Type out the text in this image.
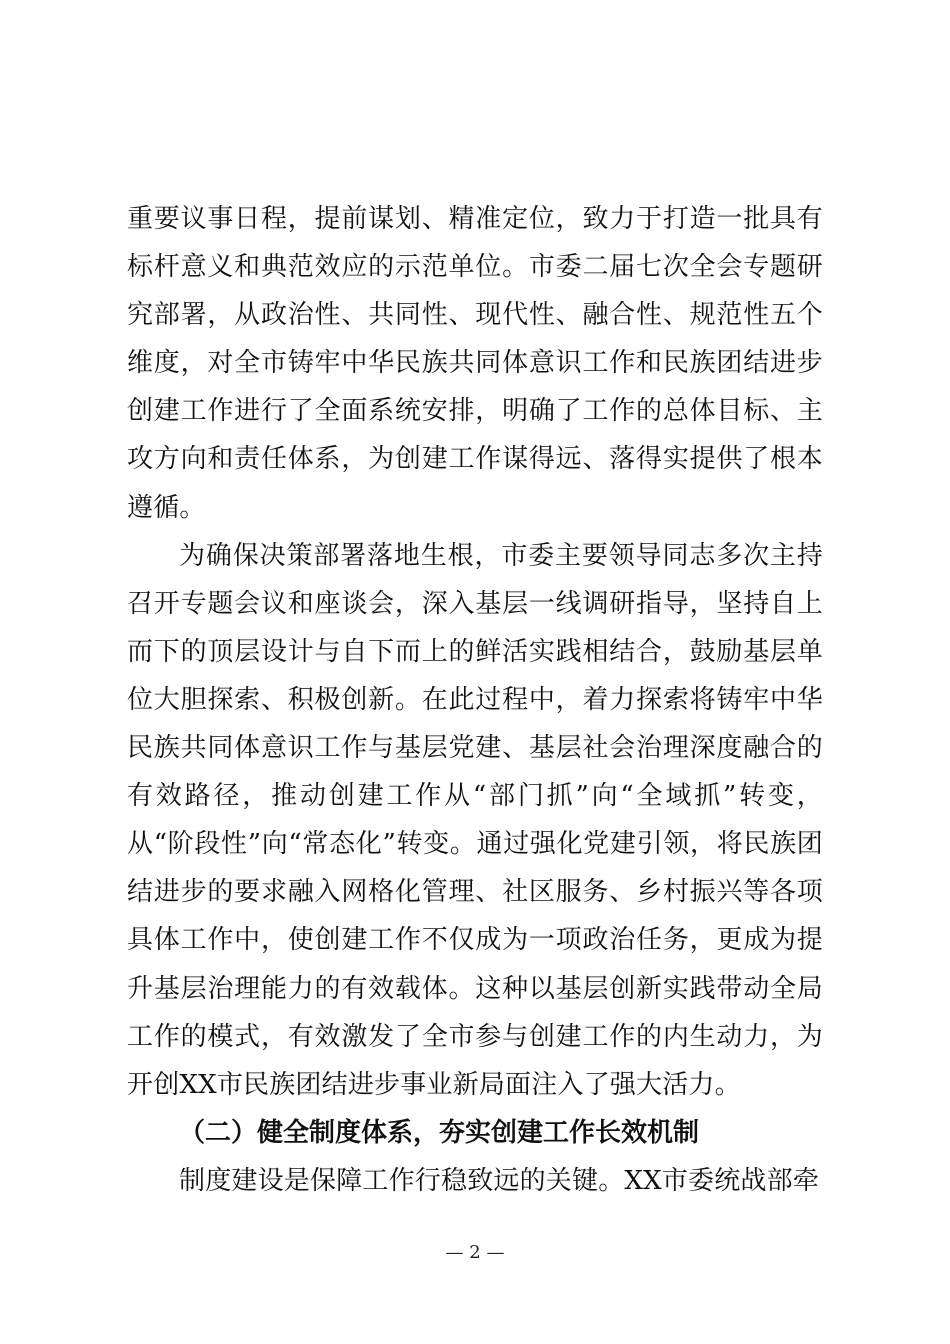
重要议事日程，提前谋划、精准定位，致力于打造一批具有标杆意义和典范效应的示范单位。市委二届七次全会专题研究部署，从政治性、共同性、现代性、融合性、规范性五个维度，对全市铸牢中华民族共同体意识工作和民族团结进步创建工作进行了全面系统安排，明确了工作的总体目标、主攻方向和责任体系，为创建工作谋得远、落得实提供了根本遵循。

为确保决策部署落地生根，市委主要领导同志多次主持召开专题会议和座谈会，深入基层一线调研指导，坚持自上而下的顶层设计与自下而上的鲜活实践相结合，鼓励基层单位大胆探索、积极创新。在此过程中，着力探索将铸牢中华民族共同体意识工作与基层党建、基层社会治理深度融合的有效路径，推动创建工作从“部门抓”向“全域抓”转变，从“阶段性”向“常态化”转变。通过强化党建引领，将民族团结进步的要求融入网格化管理、社区服务、乡村振兴等各项具体工作中，使创建工作不仅成为一项政治任务，更成为提升基层治理能力的有效载体。这种以基层创新实践带动全局工作的模式，有效激发了全市参与创建工作的内生动力，为开创XX市民族团结进步事业新局面注入了强大活力。

（二）健全制度体系，夯实创建工作长效机制

制度建设是保障工作行稳致远的关键。XX市委统战部牵

— 2 —
